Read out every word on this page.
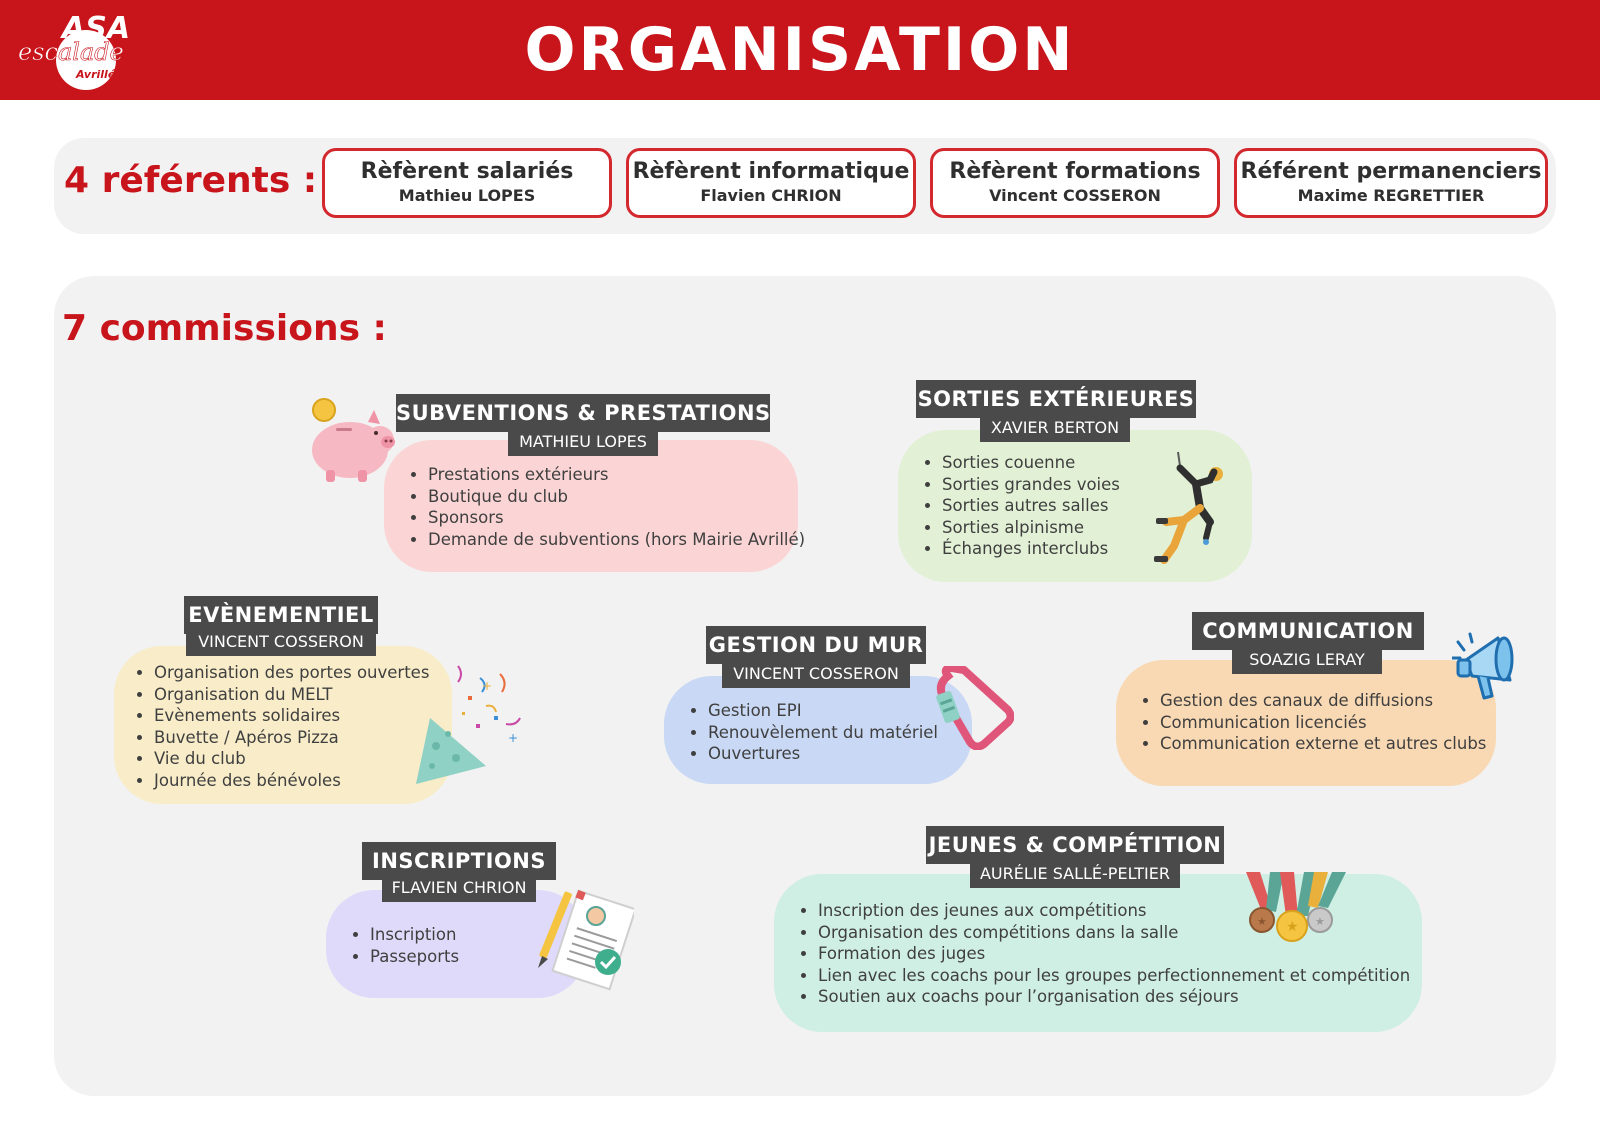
ASA
escalade
Avrillé	ORGANISATION
4 référents :	Rèfèrent salariés
Mathieu LOPES
Rèfèrent informatique
Flavien CHRION
Rèfèrent formations
Vincent COSSERON
Référent permanenciers
Maxime REGRETTIER
7 commissions :
• Prestations extérieurs
• Boutique du club
• Sponsors
• Demande de subventions (hors Mairie Avrillé)
SUBVENTIONS & PRESTATIONS
MATHIEU LOPES
• Sorties couenne
• Sorties grandes voies
• Sorties autres salles
• Sorties alpinisme
• Échanges interclubs
SORTIES EXTÉRIEURES
XAVIER BERTON
• Organisation des portes ouvertes
• Organisation du MELT
• Evènements solidaires
• Buvette / Apéros Pizza
• Vie du club
• Journée des bénévoles
EVÈNEMENTIEL
VINCENT COSSERON
+
+
• Gestion EPI
• Renouvèlement du matériel
• Ouvertures
GESTION DU MUR
VINCENT COSSERON
• Gestion des canaux de diffusions
• Communication licenciés
• Communication externe et autres clubs
COMMUNICATION
SOAZIG LERAY
• Inscription
• Passeports
INSCRIPTIONS
FLAVIEN CHRION
• Inscription des jeunes aux compétitions
• Organisation des compétitions dans la salle
• Formation des juges
• Lien avec les coachs pour les groupes perfectionnement et compétition
• Soutien aux coachs pour l’organisation des séjours
JEUNES & COMPÉTITION
AURÉLIE SALLÉ-PELTIER
★ ★
★
